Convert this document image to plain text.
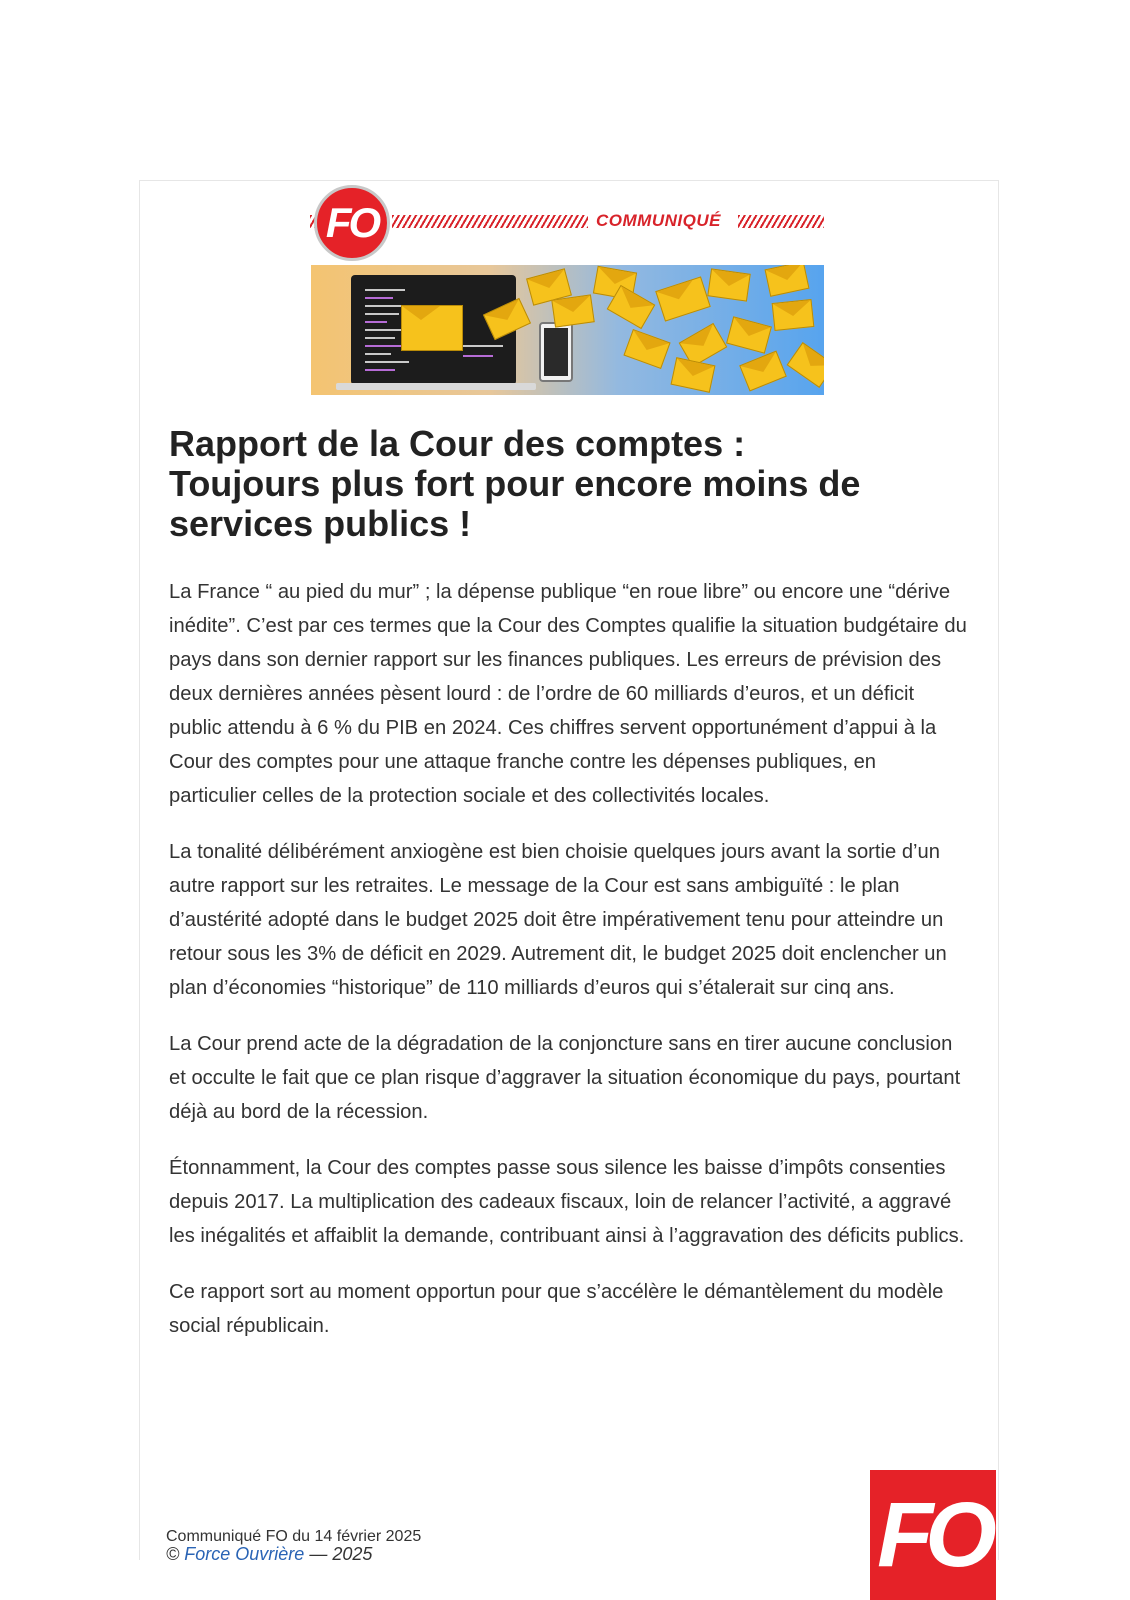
FO	COMMUNIQUÉ
Rapport de la Cour des comptes :
Toujours plus fort pour encore moins de
services publics !

La France “ au pied du mur” ; la dépense publique “en roue libre” ou encore une “dérive inédite”. C’est par ces termes que la Cour des Comptes qualifie la situation budgétaire du pays dans son dernier rapport sur les finances publiques. Les erreurs de prévision des deux dernières années pèsent lourd : de l’ordre de 60 milliards d’euros, et un déficit public attendu à 6 % du PIB en 2024. Ces chiffres servent opportunément d’appui à la Cour des comptes pour une attaque franche contre les dépenses publiques, en particulier celles de la protection sociale et des collectivités locales.

La tonalité délibérément anxiogène est bien choisie quelques jours avant la sortie d’un autre rapport sur les retraites. Le message de la Cour est sans ambiguïté : le plan d’austérité adopté dans le budget 2025 doit être impérativement tenu pour atteindre un retour sous les 3% de déficit en 2029. Autrement dit, le budget 2025 doit enclencher un plan d’économies “historique” de 110 milliards d’euros qui s’étalerait sur cinq ans.

La Cour prend acte de la dégradation de la conjoncture sans en tirer aucune conclusion et occulte le fait que ce plan risque d’aggraver la situation économique du pays, pourtant déjà au bord de la récession.

Étonnamment, la Cour des comptes passe sous silence les baisse d’impôts consenties depuis 2017. La multiplication des cadeaux fiscaux, loin de relancer l’activité, a aggravé les inégalités et affaiblit la demande, contribuant ainsi à l’aggravation des déficits publics.

Ce rapport sort au moment opportun pour que s’accélère le démantèlement du modèle social républicain.

Communiqué FO du 14 février 2025
© Force Ouvrière — 2025	FO
